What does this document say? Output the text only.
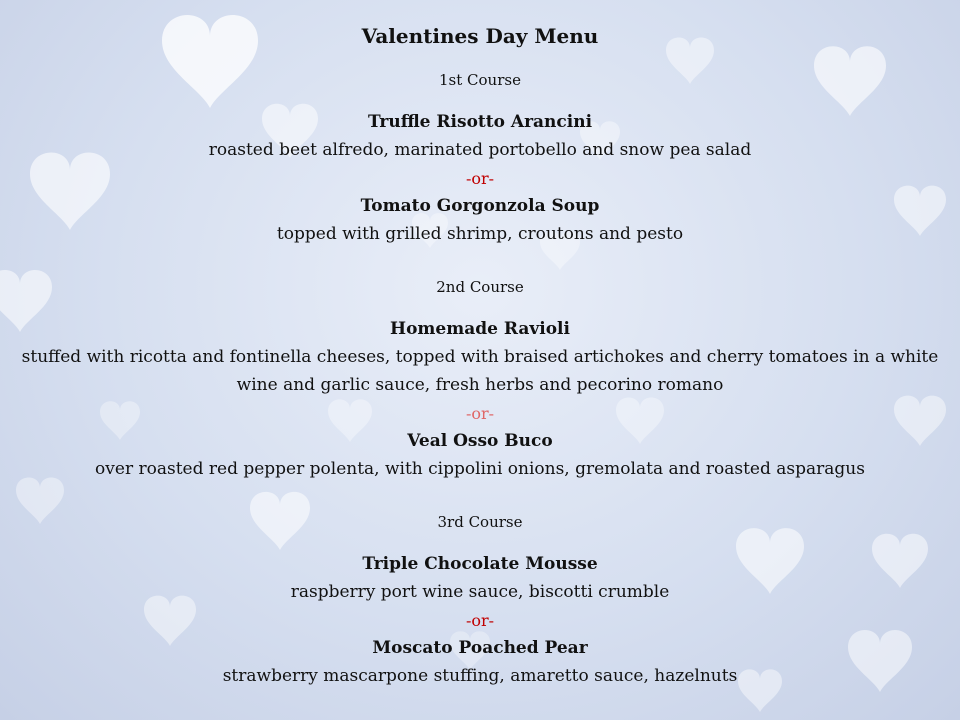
Valentines Day Menu
1st Course
Truffle Risotto Arancini
roasted beet alfredo, marinated portobello and snow pea salad
-or-
Tomato Gorgonzola Soup
topped with grilled shrimp, croutons and pesto
2nd Course
Homemade Ravioli
stuffed with ricotta and fontinella cheeses, topped with braised artichokes and cherry tomatoes in a white wine and garlic sauce, fresh herbs and pecorino romano
-or-
Veal Osso Buco
over roasted red pepper polenta, with cippolini onions, gremolata and roasted asparagus
3rd Course
Triple Chocolate Mousse
raspberry port wine sauce, biscotti crumble
-or-
Moscato Poached Pear
strawberry mascarpone stuffing, amaretto sauce, hazelnuts
